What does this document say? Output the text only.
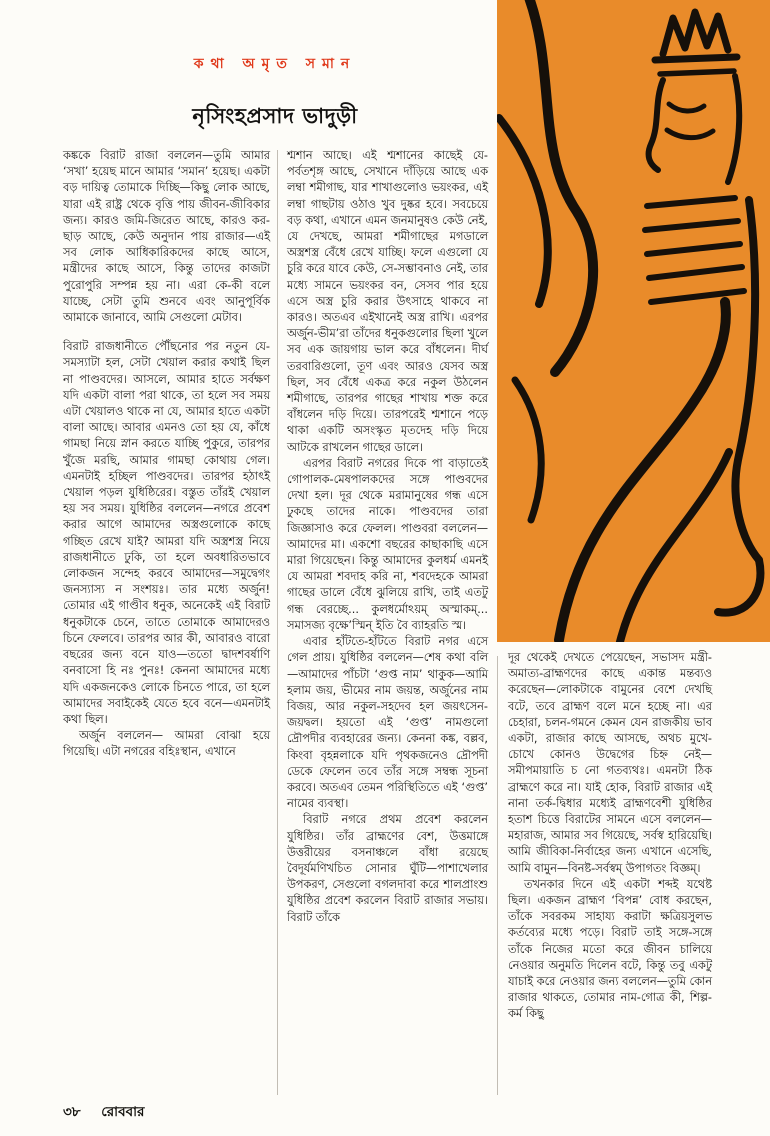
কথা অমৃত সমান
নৃসিংহপ্রসাদ ভাদুড়ী

কঙ্ককে বিরাট রাজা বললেন—তুমি আমার ‘সখা’ হয়েছ মানে আমার ‘সমান’ হয়েছ। একটা বড় দায়িত্ব তোমাকে দিচ্ছি—কিছু লোক আছে, যারা এই রাষ্ট্র থেকে বৃত্তি পায় জীবন-জীবিকার জন্য। কারও জমি-জিরেত আছে, কারও কর-ছাড় আছে, কেউ অনুদান পায় রাজার—এই সব লোক আধিকারিকদের কাছে আসে, মন্ত্রীদের কাছে আসে, কিন্তু তাদের কাজটা পুরোপুরি সম্পন্ন হয় না। এরা কে-কী বলে যাচ্ছে, সেটা তুমি শুনবে এবং আনুপূর্বিক আমাকে জানাবে, আমি সেগুলো মেটাব।

বিরাট রাজধানীতে পৌঁছনোর পর নতুন যে-সমস্যাটা হল, সেটা খেয়াল করার কথাই ছিল না পাণ্ডবদের। আসলে, আমার হাতে সর্বক্ষণ যদি একটা বালা পরা থাকে, তা হলে সব সময় এটা খেয়ালও থাকে না যে, আমার হাতে একটা বালা আছে। আবার এমনও তো হয় যে, কাঁধে গামছা নিয়ে স্নান করতে যাচ্ছি পুকুরে, তারপর খুঁজে মরছি, আমার গামছা কোথায় গেল। এমনটাই হচ্ছিল পাণ্ডবদের। তারপর হঠাৎই খেয়াল পড়ল যুধিষ্ঠিরের। বস্তুত তাঁরই খেয়াল হয় সব সময়। যুধিষ্ঠির বললেন—নগরে প্রবেশ করার আগে আমাদের অস্ত্রগুলোকে কাছে গচ্ছিত রেখে যাই? আমরা যদি অস্ত্রশস্ত্র নিয়ে রাজধানীতে ঢুকি, তা হলে অবধারিতভাবে লোকজন সন্দেহ করবে আমাদের—সমুদ্বেগং জনস্যাস্য ন সংশয়ঃ। তার মধ্যে অর্জুন! তোমার এই গাণ্ডীব ধনুক, অনেকেই এই বিরাট ধনুকটাকে চেনে, তাতে তোমাকে আমাদেরও চিনে ফেলবে। তারপর আর কী, আবারও বারো বছরের জন্য বনে যাও—ততো দ্বাদশবর্ষাণি বনবাসো হি নঃ পুনঃ! কেননা আমাদের মধ্যে যদি একজনকেও লোকে চিনতে পারে, তা হলে আমাদের সবাইকেই যেতে হবে বনে—এমনটাই কথা ছিল।

অর্জুন বললেন— আমরা বোঝা হয়ে গিয়েছি। এটা নগরের বহিঃস্থান, এখানে

শ্মশান আছে। এই শ্মশানের কাছেই যে-পর্বতশৃঙ্গ আছে, সেখানে দাঁড়িয়ে আছে এক লম্বা শমীগাছ, যার শাখাগুলোও ভয়ংকর, এই লম্বা গাছটায় ওঠাও খুব দুষ্কর হবে। সবচেয়ে বড় কথা, এখানে এমন জনমানুষও কেউ নেই, যে দেখছে, আমরা শমীগাছের মগডালে অস্ত্রশস্ত্র বেঁধে রেখে যাচ্ছি। ফলে এগুলো যে চুরি করে যাবে কেউ, সে-সম্ভাবনাও নেই, তার মধ্যে সামনে ভয়ংকর বন, সেসব পার হয়ে এসে অস্ত্র চুরি করার উৎসাহে থাকবে না কারও। অতএব এইখানেই অস্ত্র রাখি। এরপর অর্জুন-ভীম’রা তাঁদের ধনুকগুলোর ছিলা খুলে সব এক জায়গায় ভাল করে বাঁধলেন। দীর্ঘ তরবারিগুলো, তূণ এবং আরও যেসব অস্ত্র ছিল, সব বেঁধে একত্র করে নকুল উঠলেন শমীগাছে, তারপর গাছের শাখায় শক্ত করে বাঁধলেন দড়ি দিয়ে। তারপরেই শ্মশানে পড়ে থাকা একটি অসংস্কৃত মৃতদেহ দড়ি দিয়ে আটকে রাখলেন গাছের ডালে।

এরপর বিরাট নগরের দিকে পা বাড়াতেই গোপালক-মেষপালকদের সঙ্গে পাণ্ডবদের দেখা হল। দূর থেকে মরামানুষের গন্ধ এসে ঢুকছে তাদের নাকে। পাণ্ডবদের তারা জিজ্ঞাসাও করে ফেলল। পাণ্ডবরা বললেন—আমাদের মা। একশো বছরের কাছাকাছি এসে মারা গিয়েছেন। কিন্তু আমাদের কুলধর্ম এমনই যে আমরা শবদাহ করি না, শবদেহকে আমরা গাছের ডালে বেঁধে ঝুলিয়ে রাখি, তাই এতটু গন্ধ বেরচ্ছে... কুলধর্মোঽয়ম্ অস্মাকম্... সমাসজ্য বৃক্ষে’স্মিন্ ইতি বৈ ব্যাহরতি স্ম।

এবার হাঁটতে-হাঁটতে বিরাট নগর এসে গেল প্রায়। যুধিষ্ঠির বললেন—শেষ কথা বলি—আমাদের পাঁচটা ‘গুপ্ত নাম’ থাকুক—আমি হলাম জয়, ভীমের নাম জয়ন্ত, অর্জুনের নাম বিজয়, আর নকুল-সহদেব হল জয়ৎসেন-জয়দ্বল। হয়তো এই ‘গুপ্ত’ নামগুলো দ্রৌপদীর ব্যবহারের জন্য। কেননা কঙ্ক, বল্লব, কিংবা বৃহন্নলাকে যদি পৃথকজনেও দ্রৌপদী ডেকে ফেলেন তবে তাঁর সঙ্গে সম্বন্ধ সূচনা করবে। অতএব তেমন পরিস্থিতিতে এই ‘গুপ্ত’ নামের ব্যবস্থা।

বিরাট নগরে প্রথম প্রবেশ করলেন যুধিষ্ঠির। তাঁর ব্রাহ্মণের বেশ, উত্তমাঙ্গে উত্তরীয়ের বসনাঞ্চলে বাঁধা রয়েছে বৈদূর্যমণিখচিত সোনার ঘুঁটি—পাশাখেলার উপকরণ, সেগুলো বগলদাবা করে শালপ্রাংশু যুধিষ্ঠির প্রবেশ করলেন বিরাট রাজার সভায়। বিরাট তাঁকে

দূর থেকেই দেখতে পেয়েছেন, সভাসদ মন্ত্রী-অমাত্য-ব্রাহ্মণদের কাছে একান্ত মন্তব্যও করেছেন—লোকটাকে বামুনের বেশে দেখছি বটে, তবে ব্রাহ্মণ বলে মনে হচ্ছে না। এর চেহারা, চলন-গমনে কেমন যেন রাজকীয় ভাব একটা, রাজার কাছে আসছে, অথচ মুখে-চোখে কোনও উদ্বেগের চিহ্ন নেই—সমীপমায়াতি চ নো গতব্যথঃ। এমনটা ঠিক ব্রাহ্মণে করে না। যাই হোক, বিরাট রাজার এই নানা তর্ক-দ্বিধার মধ্যেই ব্রাহ্মণবেশী যুধিষ্ঠির হতাশ চিত্তে বিরাটের সামনে এসে বললেন—মহারাজ, আমার সব গিয়েছে, সর্বস্ব হারিয়েছি। আমি জীবিকা-নির্বাহের জন্য এখানে এসেছি, আমি বামুন—বিনষ্ট-সর্বস্বম্ উপাগতং বিজ্ঞম্।

তখনকার দিনে এই একটা শব্দই যথেষ্ট ছিল। একজন ব্রাহ্মণ ‘বিপন্ন’ বোধ করছেন, তাঁকে সবরকম সাহায্য করাটা ক্ষত্রিয়সুলভ কর্তব্যের মধ্যে পড়ে। বিরাট তাই সঙ্গে-সঙ্গে তাঁকে নিজের মতো করে জীবন চালিয়ে নেওয়ার অনুমতি দিলেন বটে, কিন্তু তবু একটু যাচাই করে নেওয়ার জন্য বললেন—তুমি কোন রাজার থাকতে, তোমার নাম-গোত্র কী, শিল্প-কর্ম কিছু

৩৮ রোববার
